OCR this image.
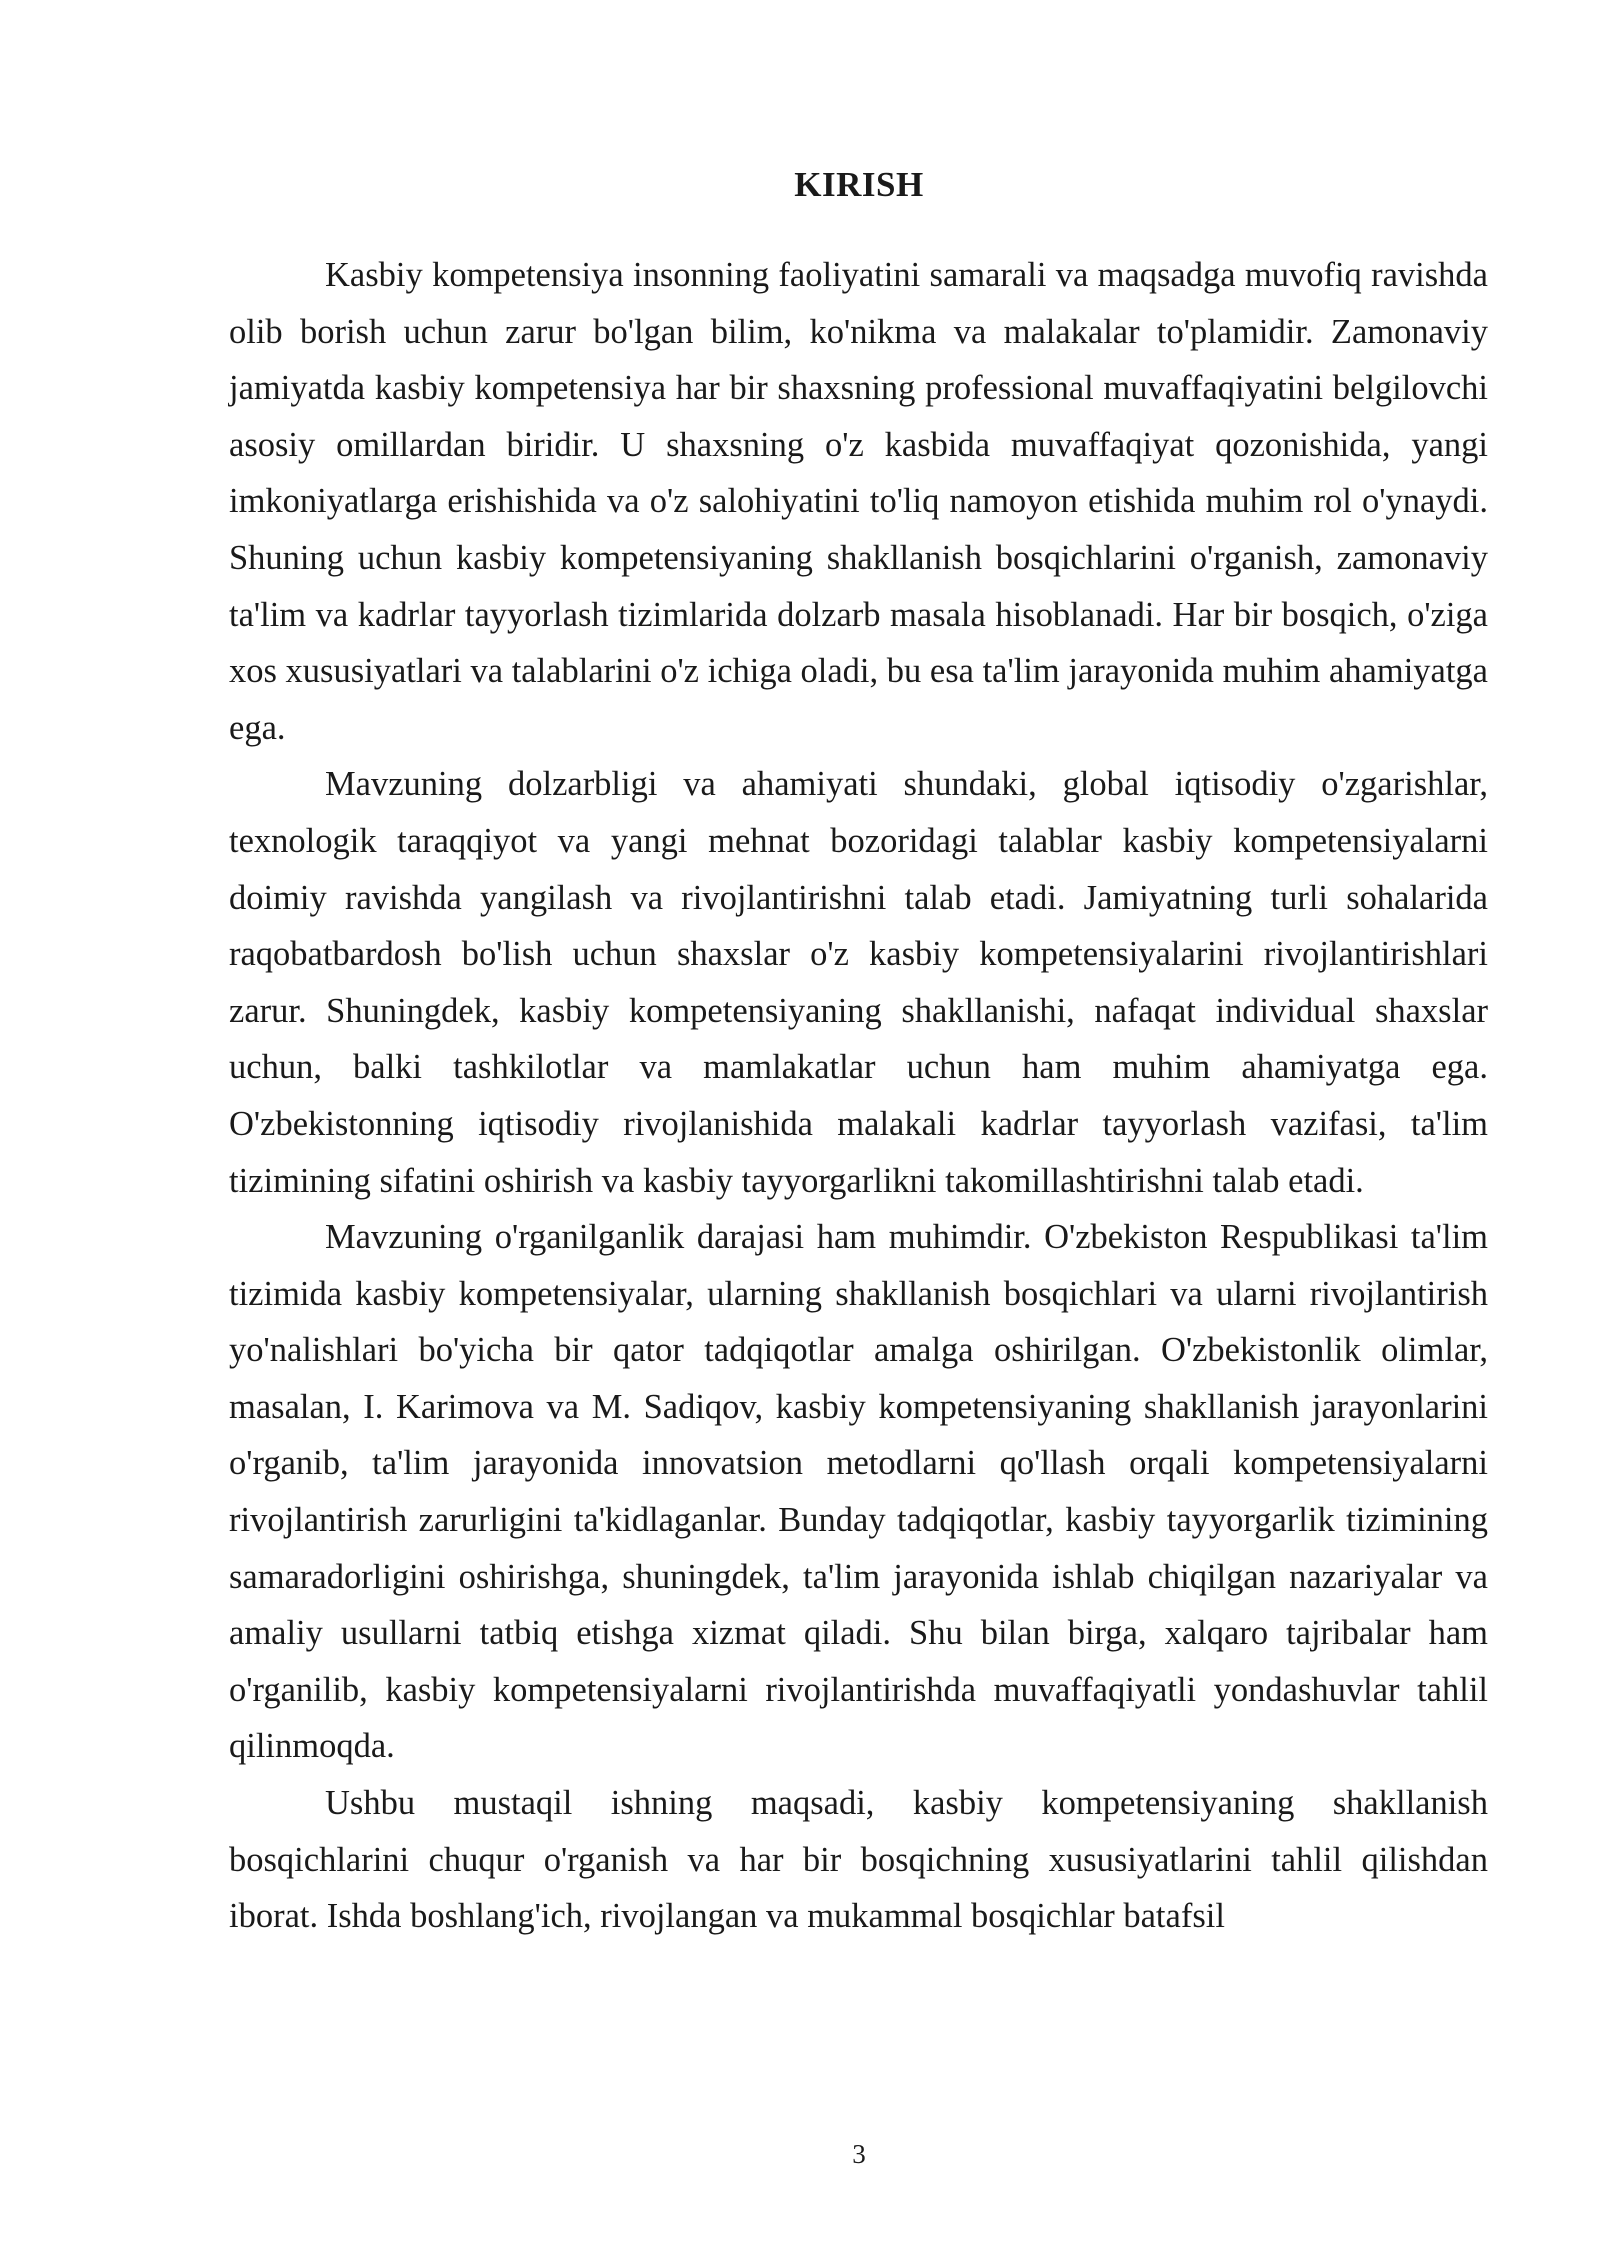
KIRISH

Kasbiy kompetensiya insonning faoliyatini samarali va maqsadga muvofiq ravishda olib borish uchun zarur bo'lgan bilim, ko'nikma va malakalar to'plamidir. Zamonaviy jamiyatda kasbiy kompetensiya har bir shaxsning professional muvaffaqiyatini belgilovchi asosiy omillardan biridir. U shaxsning o'z kasbida muvaffaqiyat qozonishida, yangi imkoniyatlarga erishishida va o'z salohiyatini to'liq namoyon etishida muhim rol o'ynaydi. Shuning uchun kasbiy kompetensiyaning shakllanish bosqichlarini o'rganish, zamonaviy ta'lim va kadrlar tayyorlash tizimlarida dolzarb masala hisoblanadi. Har bir bosqich, o'ziga xos xususiyatlari va talablarini o'z ichiga oladi, bu esa ta'lim jarayonida muhim ahamiyatga ega.

Mavzuning dolzarbligi va ahamiyati shundaki, global iqtisodiy o'zgarishlar, texnologik taraqqiyot va yangi mehnat bozoridagi talablar kasbiy kompetensiyalarni doimiy ravishda yangilash va rivojlantirishni talab etadi. Jamiyatning turli sohalarida raqobatbardosh bo'lish uchun shaxslar o'z kasbiy kompetensiyalarini rivojlantirishlari zarur. Shuningdek, kasbiy kompetensiyaning shakllanishi, nafaqat individual shaxslar uchun, balki tashkilotlar va mamlakatlar uchun ham muhim ahamiyatga ega. O'zbekistonning iqtisodiy rivojlanishida malakali kadrlar tayyorlash vazifasi, ta'lim tizimining sifatini oshirish va kasbiy tayyorgarlikni takomillashtirishni talab etadi.

Mavzuning o'rganilganlik darajasi ham muhimdir. O'zbekiston Respublikasi ta'lim tizimida kasbiy kompetensiyalar, ularning shakllanish bosqichlari va ularni rivojlantirish yo'nalishlari bo'yicha bir qator tadqiqotlar amalga oshirilgan. O'zbekistonlik olimlar, masalan, I. Karimova va M. Sadiqov, kasbiy kompetensiyaning shakllanish jarayonlarini o'rganib, ta'lim jarayonida innovatsion metodlarni qo'llash orqali kompetensiyalarni rivojlantirish zarurligini ta'kidlaganlar. Bunday tadqiqotlar, kasbiy tayyorgarlik tizimining samaradorligini oshirishga, shuningdek, ta'lim jarayonida ishlab chiqilgan nazariyalar va amaliy usullarni tatbiq etishga xizmat qiladi. Shu bilan birga, xalqaro tajribalar ham o'rganilib, kasbiy kompetensiyalarni rivojlantirishda muvaffaqiyatli yondashuvlar tahlil qilinmoqda.

Ushbu mustaqil ishning maqsadi, kasbiy kompetensiyaning shakllanish bosqichlarini chuqur o'rganish va har bir bosqichning xususiyatlarini tahlil qilishdan iborat. Ishda boshlang'ich, rivojlangan va mukammal bosqichlar batafsil

3
